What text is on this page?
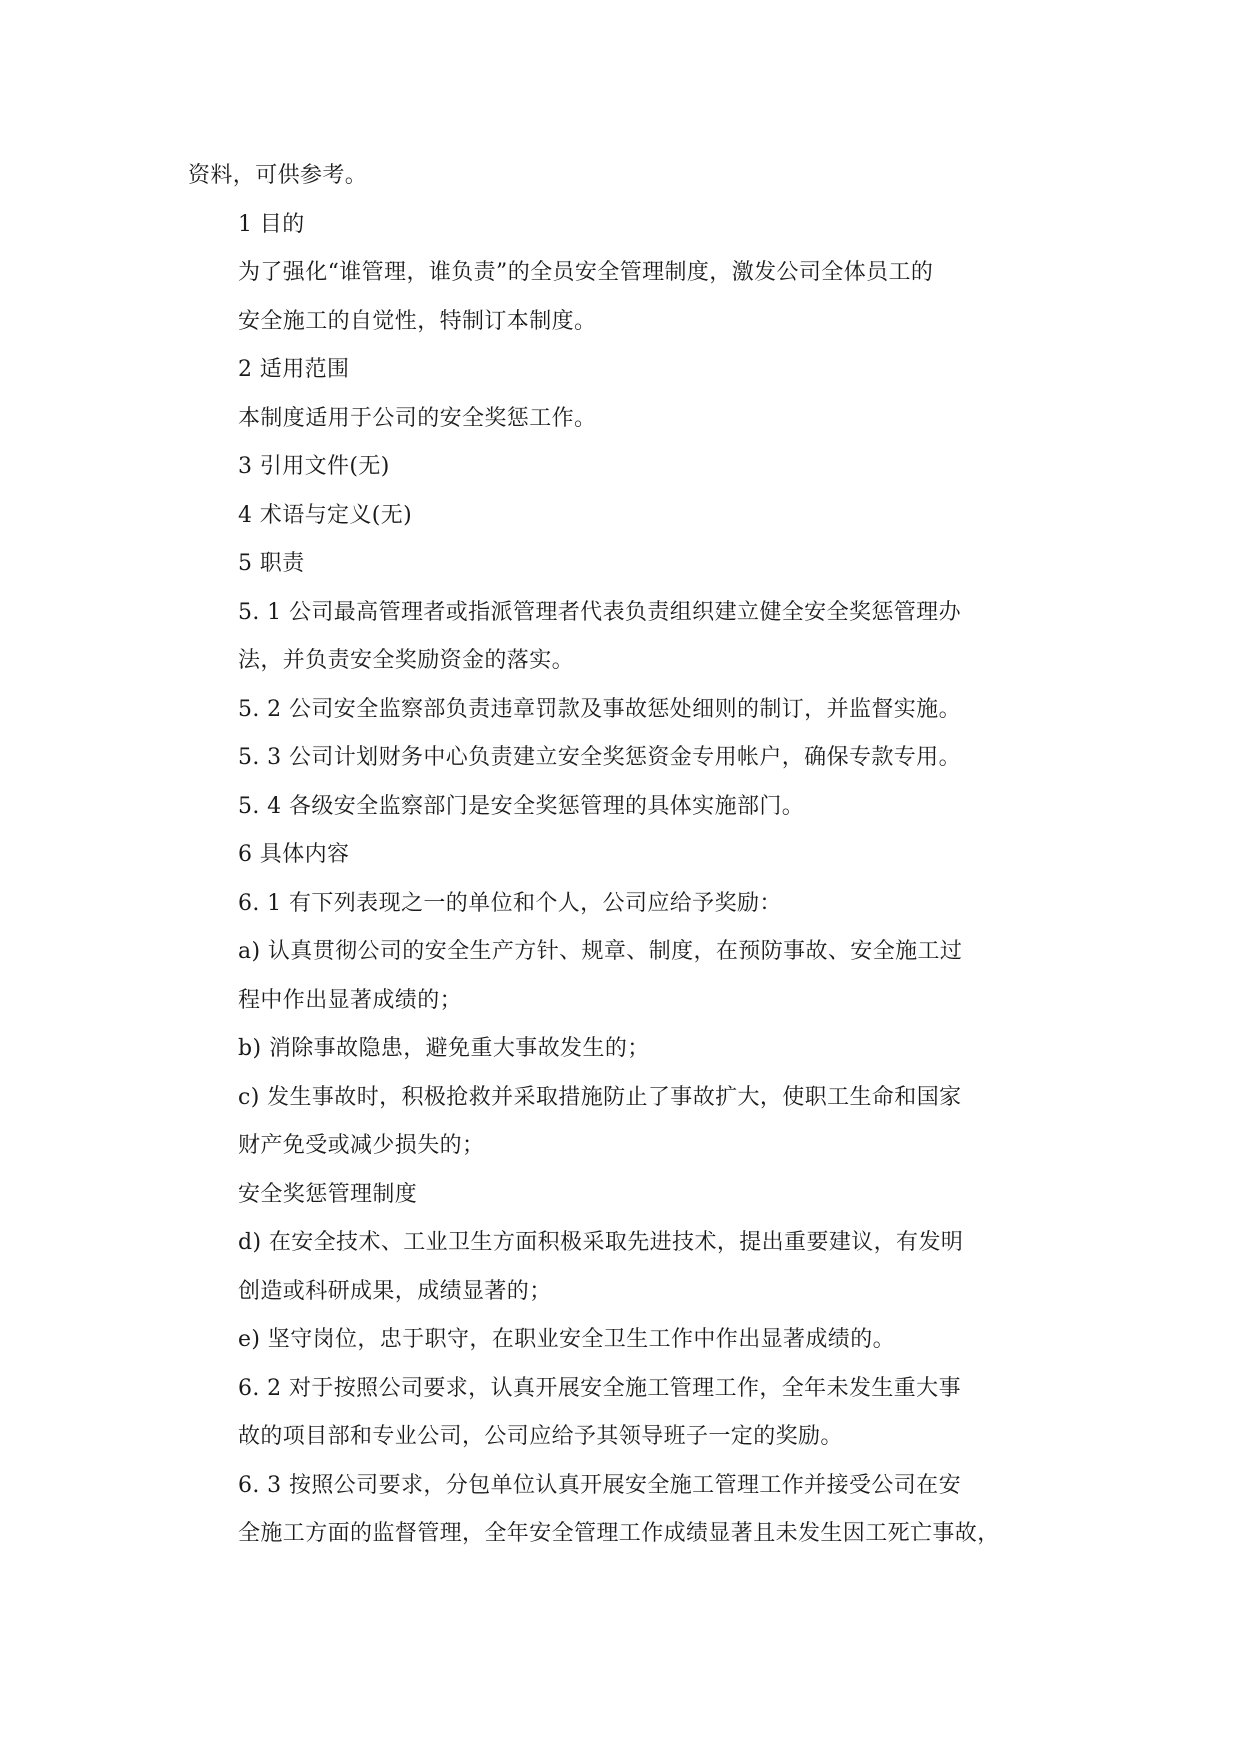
资料，可供参考。
1 目的
为了强化“谁管理，谁负责”的全员安全管理制度，激发公司全体员工的
安全施工的自觉性，特制订本制度。
2 适用范围
本制度适用于公司的安全奖惩工作。
3 引用文件(无)
4 术语与定义(无)
5 职责
5. 1 公司最高管理者或指派管理者代表负责组织建立健全安全奖惩管理办
法，并负责安全奖励资金的落实。
5. 2 公司安全监察部负责违章罚款及事故惩处细则的制订，并监督实施。
5. 3 公司计划财务中心负责建立安全奖惩资金专用帐户，确保专款专用。
5. 4 各级安全监察部门是安全奖惩管理的具体实施部门。
6 具体内容
6. 1 有下列表现之一的单位和个人，公司应给予奖励：
a) 认真贯彻公司的安全生产方针、规章、制度，在预防事故、安全施工过
程中作出显著成绩的；
b) 消除事故隐患，避免重大事故发生的；
c) 发生事故时，积极抢救并采取措施防止了事故扩大，使职工生命和国家
财产免受或减少损失的；
安全奖惩管理制度
d) 在安全技术、工业卫生方面积极采取先进技术，提出重要建议，有发明
创造或科研成果，成绩显著的；
e) 坚守岗位，忠于职守，在职业安全卫生工作中作出显著成绩的。
6. 2 对于按照公司要求，认真开展安全施工管理工作，全年未发生重大事
故的项目部和专业公司，公司应给予其领导班子一定的奖励。
6. 3 按照公司要求，分包单位认真开展安全施工管理工作并接受公司在安
全施工方面的监督管理，全年安全管理工作成绩显著且未发生因工死亡事故，
